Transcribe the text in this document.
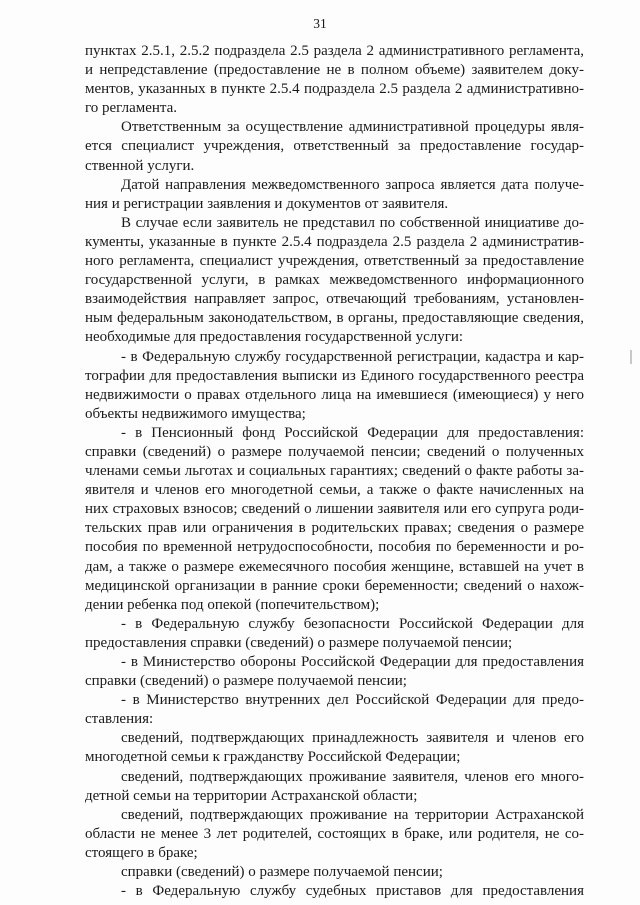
31

пунктах 2.5.1, 2.5.2 подраздела 2.5 раздела 2 административного регламента,

и непредставление (предоставление не в полном объеме) заявителем доку-

ментов, указанных в пункте 2.5.4 подраздела 2.5 раздела 2 административно-

го регламента.

Ответственным за осуществление административной процедуры явля-

ется специалист учреждения, ответственный за предоставление государ-

ственной услуги.

Датой направления межведомственного запроса является дата получе-

ния и регистрации заявления и документов от заявителя.

В случае если заявитель не представил по собственной инициативе до-

кументы, указанные в пункте 2.5.4 подраздела 2.5 раздела 2 административ-

ного регламента, специалист учреждения, ответственный за предоставление

государственной услуги, в рамках межведомственного информационного

взаимодействия направляет запрос, отвечающий требованиям, установлен-

ным федеральным законодательством, в органы, предоставляющие сведения,

необходимые для предоставления государственной услуги:

- в Федеральную службу государственной регистрации, кадастра и кар-

тографии для предоставления выписки из Единого государственного реестра

недвижимости о правах отдельного лица на имевшиеся (имеющиеся) у него

объекты недвижимого имущества;

- в Пенсионный фонд Российской Федерации для предоставления:

справки (сведений) о размере получаемой пенсии; сведений о полученных

членами семьи льготах и социальных гарантиях; сведений о факте работы за-

явителя и членов его многодетной семьи, а также о факте начисленных на

них страховых взносов; сведений о лишении заявителя или его супруга роди-

тельских прав или ограничения в родительских правах; сведения о размере

пособия по временной нетрудоспособности, пособия по беременности и ро-

дам, а также о размере ежемесячного пособия женщине, вставшей на учет в

медицинской организации в ранние сроки беременности; сведений о нахож-

дении ребенка под опекой (попечительством);

- в Федеральную службу безопасности Российской Федерации для

предоставления справки (сведений) о размере получаемой пенсии;

- в Министерство обороны Российской Федерации для предоставления

справки (сведений) о размере получаемой пенсии;

- в Министерство внутренних дел Российской Федерации для предо-

ставления:

сведений, подтверждающих принадлежность заявителя и членов его

многодетной семьи к гражданству Российской Федерации;

сведений, подтверждающих проживание заявителя, членов его много-

детной семьи на территории Астраханской области;

сведений, подтверждающих проживание на территории Астраханской

области не менее 3 лет родителей, состоящих в браке, или родителя, не со-

стоящего в браке;

справки (сведений) о размере получаемой пенсии;

- в Федеральную службу судебных приставов для предоставления
